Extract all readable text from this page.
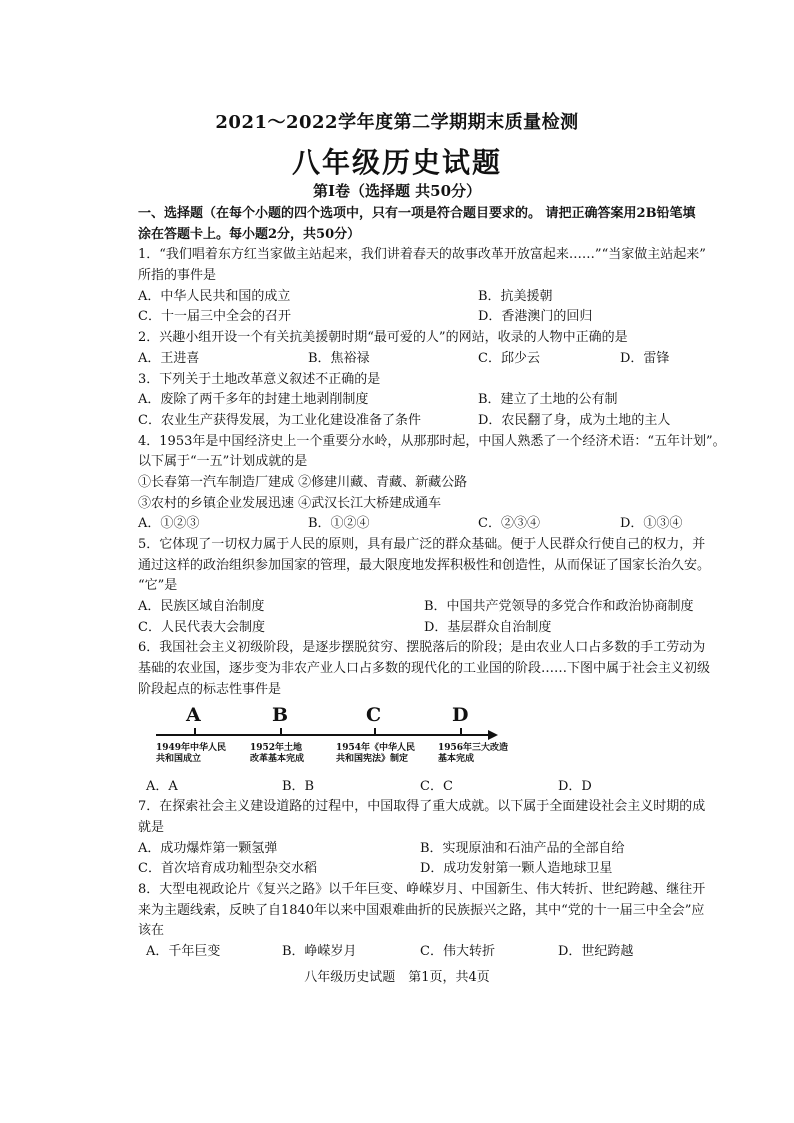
2021～2022学年度第二学期期末质量检测
八年级历史试题
第Ⅰ卷（选择题 共50分）
一、选择题（在每个小题的四个选项中，只有一项是符合题目要求的。 请把正确答案用2B铅笔填
涂在答题卡上。每小题2分，共50分）
1．“我们唱着东方红当家做主站起来，我们讲着春天的故事改革开放富起来……”“当家做主站起来”
所指的事件是
A．中华人民共和国的成立	B．抗美援朝
C．十一届三中全会的召开	D．香港澳门的回归
2．兴趣小组开设一个有关抗美援朝时期“最可爱的人”的网站，收录的人物中正确的是
A．王进喜	B．焦裕禄	C．邱少云	D．雷锋
3．下列关于土地改革意义叙述不正确的是
A．废除了两千多年的封建土地剥削制度	B．建立了土地的公有制
C．农业生产获得发展，为工业化建设准备了条件	D．农民翻了身，成为土地的主人
4．1953年是中国经济史上一个重要分水岭，从那那时起，中国人熟悉了一个经济术语：“五年计划”。
以下属于“一五”计划成就的是
①长春第一汽车制造厂建成 ②修建川藏、青藏、新藏公路
③农村的乡镇企业发展迅速 ④武汉长江大桥建成通车
A．①②③	B．①②④	C．②③④	D．①③④
5．它体现了一切权力属于人民的原则，具有最广泛的群众基础。便于人民群众行使自己的权力，并
通过这样的政治组织参加国家的管理，最大限度地发挥积极性和创造性，从而保证了国家长治久安。
“它”是
A．民族区域自治制度	B．中国共产党领导的多党合作和政治协商制度
C．人民代表大会制度	D．基层群众自治制度
6．我国社会主义初级阶段，是逐步摆脱贫穷、摆脱落后的阶段；是由农业人口占多数的手工劳动为
基础的农业国，逐步变为非农产业人口占多数的现代化的工业国的阶段……下图中属于社会主义初级
阶段起点的标志性事件是
A	B	C	D
1949年中华人民
共和国成立
1952年土地
改革基本完成
1954年《中华人民
共和国宪法》制定
1956年三大改造
基本完成
A．A	B．B	C．C	D．D
7．在探索社会主义建设道路的过程中，中国取得了重大成就。以下属于全面建设社会主义时期的成
就是
A．成功爆炸第一颗氢弹	B．实现原油和石油产品的全部自给
C．首次培育成功籼型杂交水稻	D．成功发射第一颗人造地球卫星
8．大型电视政论片《复兴之路》以千年巨变、峥嵘岁月、中国新生、伟大转折、世纪跨越、继往开
来为主题线索，反映了自1840年以来中国艰难曲折的民族振兴之路，其中“党的十一届三中全会”应
该在
A．千年巨变	B．峥嵘岁月	C．伟大转折	D．世纪跨越
八年级历史试题　第1页，共4页
